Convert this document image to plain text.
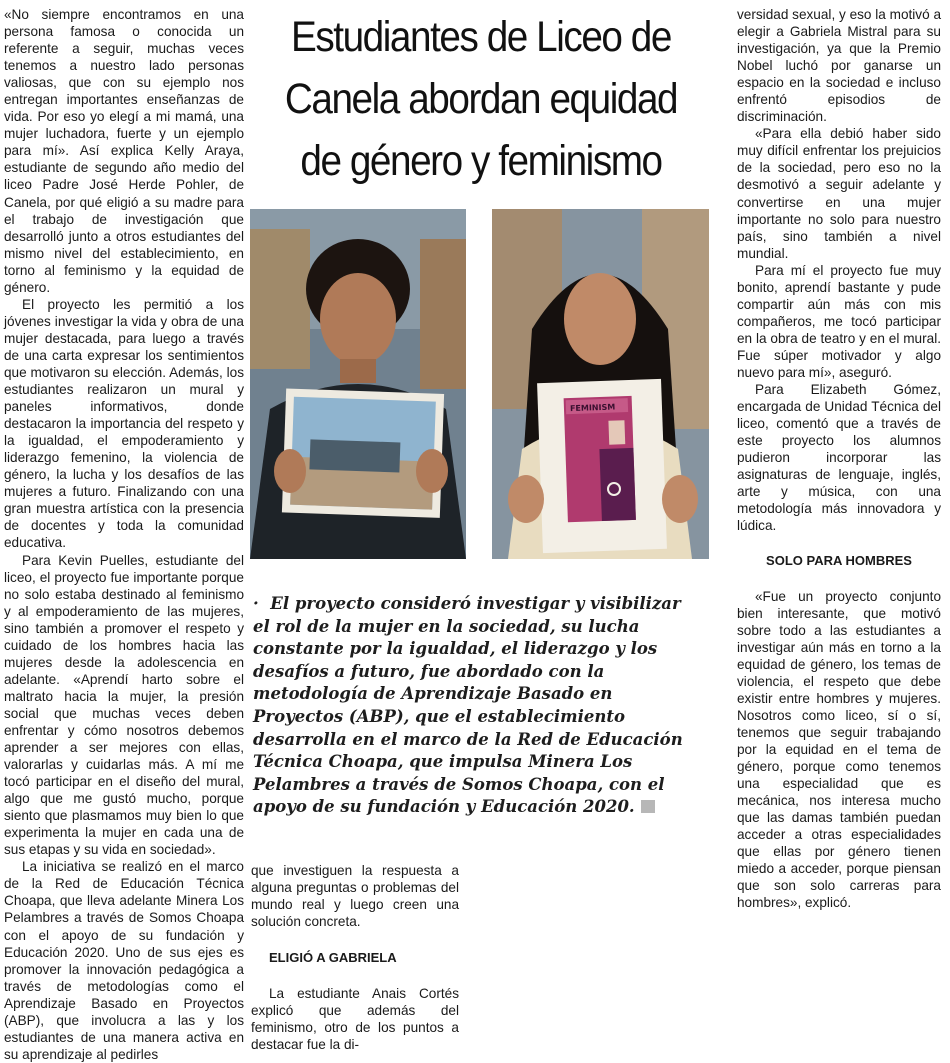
Estudiantes de Liceo de Canela abordan equidad de género y feminismo

«No siempre encontramos en una persona famosa o conocida un referente a seguir, muchas veces tenemos a nuestro lado personas valiosas, que con su ejemplo nos entregan importantes enseñanzas de vida. Por eso yo elegí a mi mamá, una mujer luchadora, fuerte y un ejemplo para mí». Así explica Kelly Araya, estudiante de segundo año medio del liceo Padre José Herde Pohler, de Canela, por qué eligió a su madre para el trabajo de investigación que desarrolló junto a otros estudiantes del mismo nivel del establecimiento, en torno al feminismo y la equidad de género.

El proyecto les permitió a los jóvenes investigar la vida y obra de una mujer destacada, para luego a través de una carta expresar los sentimientos que motivaron su elección. Además, los estudiantes realizaron un mural y paneles informativos, donde destacaron la importancia del respeto y la igualdad, el empoderamiento y liderazgo femenino, la violencia de género, la lucha y los desafíos de las mujeres a futuro. Finalizando con una gran muestra artística con la presencia de docentes y toda la comunidad educativa.

Para Kevin Puelles, estudiante del liceo, el proyecto fue importante porque no solo estaba destinado al feminismo y al empoderamiento de las mujeres, sino también a promover el respeto y cuidado de los hombres hacia las mujeres desde la adolescencia en adelante. «Aprendí harto sobre el maltrato hacia la mujer, la presión social que muchas veces deben enfrentar y cómo nosotros debemos aprender a ser mejores con ellas, valorarlas y cuidarlas más. A mí me tocó participar en el diseño del mural, algo que me gustó mucho, porque siento que plasmamos muy bien lo que experimenta la mujer en cada una de sus etapas y su vida en sociedad».

La iniciativa se realizó en el marco de la Red de Educación Técnica Choapa, que lleva adelante Minera Los Pelambres a través de Somos Choapa con el apoyo de su fundación y Educación 2020. Uno de sus ejes es promover la innovación pedagógica a través de metodologías como el Aprendizaje Basado en Proyectos (ABP), que involucra a las y los estudiantes de una manera activa en su aprendizaje al pedirles

FEMINISM

· El proyecto consideró investigar y visibilizar el rol de la mujer en la sociedad, su lucha constante por la igualdad, el liderazgo y los desafíos a futuro, fue abordado con la metodología de Aprendizaje Basado en Proyectos (ABP), que el establecimiento desarrolla en el marco de la Red de Educación Técnica Choapa, que impulsa Minera Los Pelambres a través de Somos Choapa, con el apoyo de su fundación y Educación 2020.

que investiguen la respuesta a alguna preguntas o problemas del mundo real y luego creen una solución concreta.

ELIGIÓ A GABRIELA

La estudiante Anais Cortés explicó que además del feminismo, otro de los puntos a destacar fue la di-

versidad sexual, y eso la motivó a elegir a Gabriela Mistral para su investigación, ya que la Premio Nobel luchó por ganarse un espacio en la sociedad e incluso enfrentó episodios de discriminación.

«Para ella debió haber sido muy difícil enfrentar los prejuicios de la sociedad, pero eso no la desmotivó a seguir adelante y convertirse en una mujer importante no solo para nuestro país, sino también a nivel mundial.

Para mí el proyecto fue muy bonito, aprendí bastante y pude compartir aún más con mis compañeros, me tocó participar en la obra de teatro y en el mural. Fue súper motivador y algo nuevo para mí», aseguró.

Para Elizabeth Gómez, encargada de Unidad Técnica del liceo, comentó que a través de este proyecto los alumnos pudieron incorporar las asignaturas de lenguaje, inglés, arte y música, con una metodología más innovadora y lúdica.

SOLO PARA HOMBRES

«Fue un proyecto conjunto bien interesante, que motivó sobre todo a las estudiantes a investigar aún más en torno a la equidad de género, los temas de violencia, el respeto que debe existir entre hombres y mujeres. Nosotros como liceo, sí o sí, tenemos que seguir trabajando por la equidad en el tema de género, porque como tenemos una especialidad que es mecánica, nos interesa mucho que las damas también puedan acceder a otras especialidades que ellas por género tienen miedo a acceder, porque piensan que son solo carreras para hombres», explicó.
